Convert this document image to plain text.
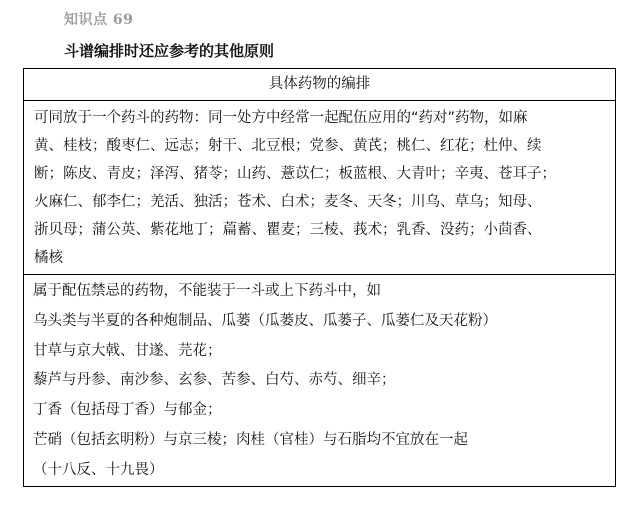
知识点 69
斗谱编排时还应参考的其他原则
具体药物的编排

可同放于一个药斗的药物：同一处方中经常一起配伍应用的“药对”药物，如麻
黄、桂枝；酸枣仁、远志；射干、北豆根；党参、黄芪；桃仁、红花；杜仲、续
断；陈皮、青皮；泽泻、猪苓；山药、薏苡仁；板蓝根、大青叶；辛夷、苍耳子；
火麻仁、郁李仁；羌活、独活；苍术、白术；麦冬、天冬；川乌、草乌；知母、
浙贝母；蒲公英、紫花地丁；萹蓄、瞿麦；三棱、莪术；乳香、没药；小茴香、
橘核

属于配伍禁忌的药物，不能装于一斗或上下药斗中，如
乌头类与半夏的各种炮制品、瓜蒌（瓜蒌皮、瓜蒌子、瓜蒌仁及天花粉）
甘草与京大戟、甘遂、芫花；
藜芦与丹参、南沙参、玄参、苦参、白芍、赤芍、细辛；
丁香（包括母丁香）与郁金；
芒硝（包括玄明粉）与京三棱；肉桂（官桂）与石脂均不宜放在一起
（十八反、十九畏）
